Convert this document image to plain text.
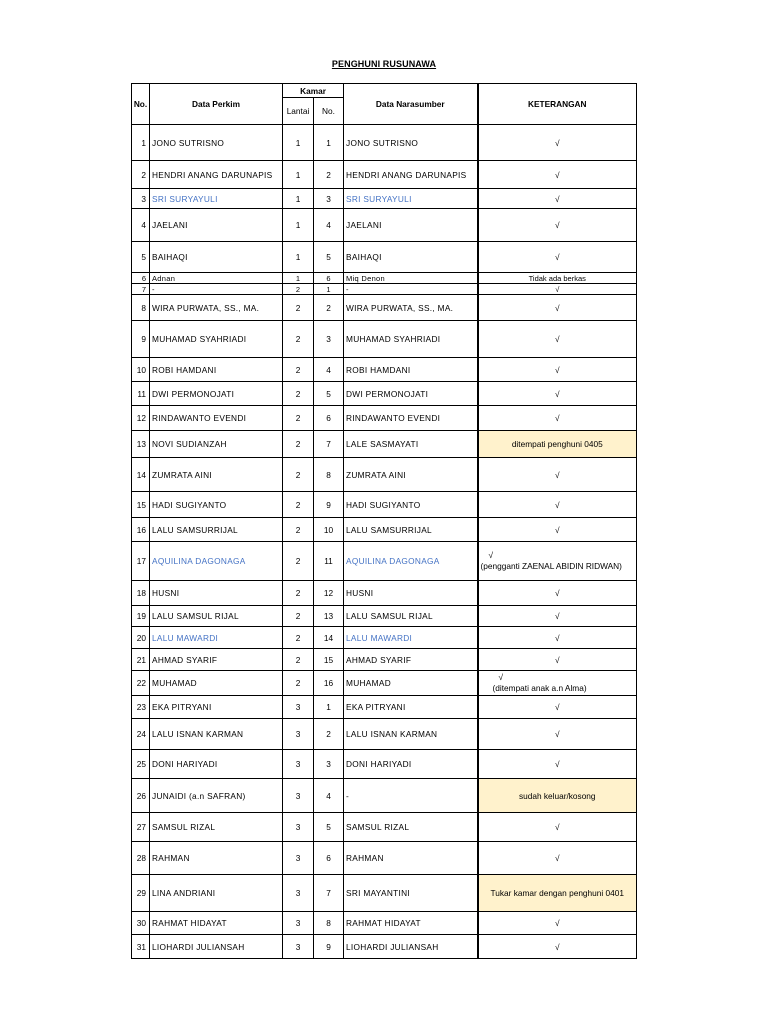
PENGHUNI RUSUNAWA
No.	Data Perkim	Kamar		Data Narasumber	KETERANGAN
		Lantai	No.		
1	JONO SUTRISNO	1	1	JONO SUTRISNO	√
2	HENDRI ANANG DARUNAPIS	1	2	HENDRI ANANG DARUNAPIS	√
3	SRI SURYAYULI	1	3	SRI SURYAYULI	√
4	JAELANI	1	4	JAELANI	√
5	BAIHAQI	1	5	BAIHAQI	√
6	Adnan	1	6	Miq Denon	Tidak ada berkas
7	-	2	1	-	√
8	WIRA PURWATA, SS., MA.	2	2	WIRA PURWATA, SS., MA.	√
9	MUHAMAD SYAHRIADI	2	3	MUHAMAD SYAHRIADI	√
10	ROBI HAMDANI	2	4	ROBI HAMDANI	√
11	DWI PERMONOJATI	2	5	DWI PERMONOJATI	√
12	RINDAWANTO EVENDI	2	6	RINDAWANTO EVENDI	√
13	NOVI SUDIANZAH	2	7	LALE SASMAYATI	ditempati penghuni 0405
14	ZUMRATA AINI	2	8	ZUMRATA AINI	√
15	HADI SUGIYANTO	2	9	HADI SUGIYANTO	√
16	LALU SAMSURRIJAL	2	10	LALU SAMSURRIJAL	√
17	AQUILINA DAGONAGA	2	11	AQUILINA DAGONAGA	√
(pengganti ZAENAL ABIDIN RIDWAN)
18	HUSNI	2	12	HUSNI	√
19	LALU SAMSUL RIJAL	2	13	LALU SAMSUL RIJAL	√
20	LALU MAWARDI	2	14	LALU MAWARDI	√
21	AHMAD SYARIF	2	15	AHMAD SYARIF	√
22	MUHAMAD	2	16	MUHAMAD	√
(ditempati anak a.n Alma)
23	EKA PITRYANI	3	1	EKA PITRYANI	√
24	LALU ISNAN KARMAN	3	2	LALU ISNAN KARMAN	√
25	DONI HARIYADI	3	3	DONI HARIYADI	√
26	JUNAIDI (a.n SAFRAN)	3	4	-	sudah keluar/kosong
27	SAMSUL RIZAL	3	5	SAMSUL RIZAL	√
28	RAHMAN	3	6	RAHMAN	√
29	LINA ANDRIANI	3	7	SRI MAYANTINI	Tukar kamar dengan penghuni 0401
30	RAHMAT HIDAYAT	3	8	RAHMAT HIDAYAT	√
31	LIOHARDI JULIANSAH	3	9	LIOHARDI JULIANSAH	√
